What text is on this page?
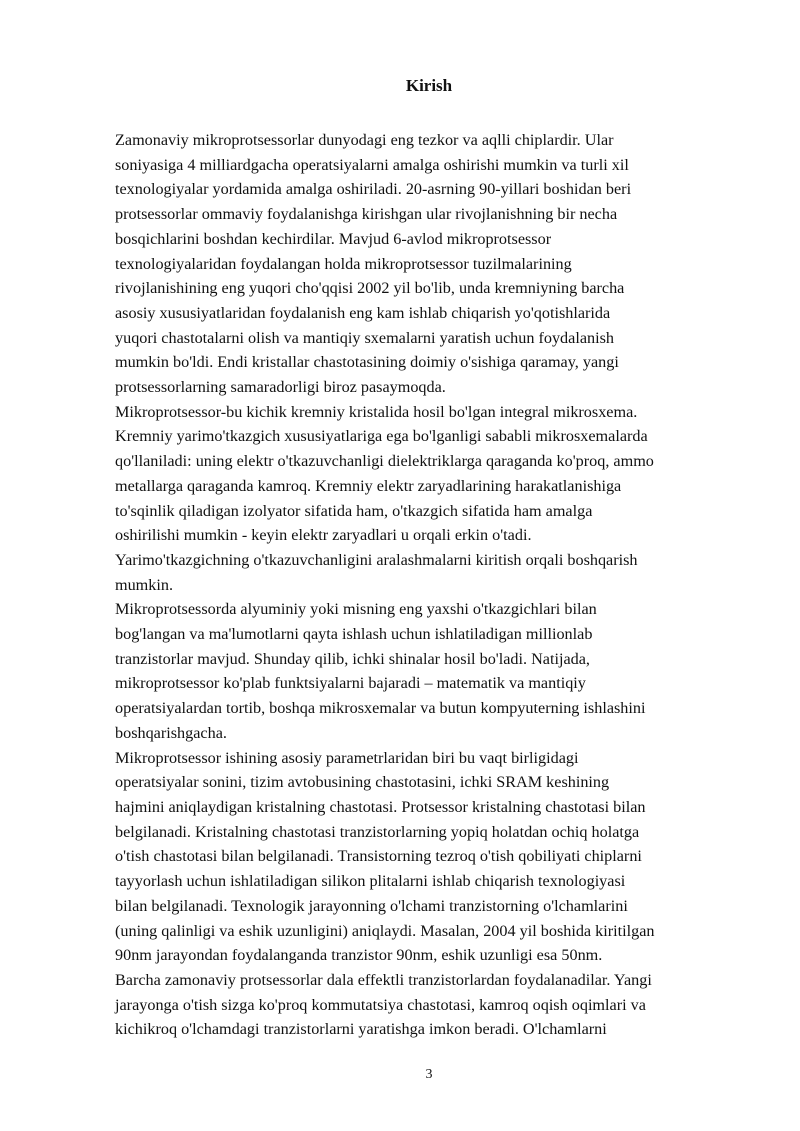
Kirish

Zamonaviy mikroprotsessorlar dunyodagi eng tezkor va aqlli chiplardir. Ular

soniyasiga 4 milliardgacha operatsiyalarni amalga oshirishi mumkin va turli xil

texnologiyalar yordamida amalga oshiriladi. 20-asrning 90-yillari boshidan beri

protsessorlar ommaviy foydalanishga kirishgan ular rivojlanishning bir necha

bosqichlarini boshdan kechirdilar. Mavjud 6-avlod mikroprotsessor

texnologiyalaridan foydalangan holda mikroprotsessor tuzilmalarining

rivojlanishining eng yuqori cho'qqisi 2002 yil bo'lib, unda kremniyning barcha

asosiy xususiyatlaridan foydalanish eng kam ishlab chiqarish yo'qotishlarida

yuqori chastotalarni olish va mantiqiy sxemalarni yaratish uchun foydalanish

mumkin bo'ldi. Endi kristallar chastotasining doimiy o'sishiga qaramay, yangi

protsessorlarning samaradorligi biroz pasaymoqda.

Mikroprotsessor-bu kichik kremniy kristalida hosil bo'lgan integral mikrosxema.

Kremniy yarimo'tkazgich xususiyatlariga ega bo'lganligi sababli mikrosxemalarda

qo'llaniladi: uning elektr o'tkazuvchanligi dielektriklarga qaraganda ko'proq, ammo

metallarga qaraganda kamroq. Kremniy elektr zaryadlarining harakatlanishiga

to'sqinlik qiladigan izolyator sifatida ham, o'tkazgich sifatida ham amalga

oshirilishi mumkin - keyin elektr zaryadlari u orqali erkin o'tadi.

Yarimo'tkazgichning o'tkazuvchanligini aralashmalarni kiritish orqali boshqarish

mumkin.

Mikroprotsessorda alyuminiy yoki misning eng yaxshi o'tkazgichlari bilan

bog'langan va ma'lumotlarni qayta ishlash uchun ishlatiladigan millionlab

tranzistorlar mavjud. Shunday qilib, ichki shinalar hosil bo'ladi. Natijada,

mikroprotsessor ko'plab funktsiyalarni bajaradi – matematik va mantiqiy

operatsiyalardan tortib, boshqa mikrosxemalar va butun kompyuterning ishlashini

boshqarishgacha.

Mikroprotsessor ishining asosiy parametrlaridan biri bu vaqt birligidagi

operatsiyalar sonini, tizim avtobusining chastotasini, ichki SRAM keshining

hajmini aniqlaydigan kristalning chastotasi. Protsessor kristalning chastotasi bilan

belgilanadi. Kristalning chastotasi tranzistorlarning yopiq holatdan ochiq holatga

o'tish chastotasi bilan belgilanadi. Transistorning tezroq o'tish qobiliyati chiplarni

tayyorlash uchun ishlatiladigan silikon plitalarni ishlab chiqarish texnologiyasi

bilan belgilanadi. Texnologik jarayonning o'lchami tranzistorning o'lchamlarini

(uning qalinligi va eshik uzunligini) aniqlaydi. Masalan, 2004 yil boshida kiritilgan

90nm jarayondan foydalanganda tranzistor 90nm, eshik uzunligi esa 50nm.

Barcha zamonaviy protsessorlar dala effektli tranzistorlardan foydalanadilar. Yangi

jarayonga o'tish sizga ko'proq kommutatsiya chastotasi, kamroq oqish oqimlari va

kichikroq o'lchamdagi tranzistorlarni yaratishga imkon beradi. O'lchamlarni

3
